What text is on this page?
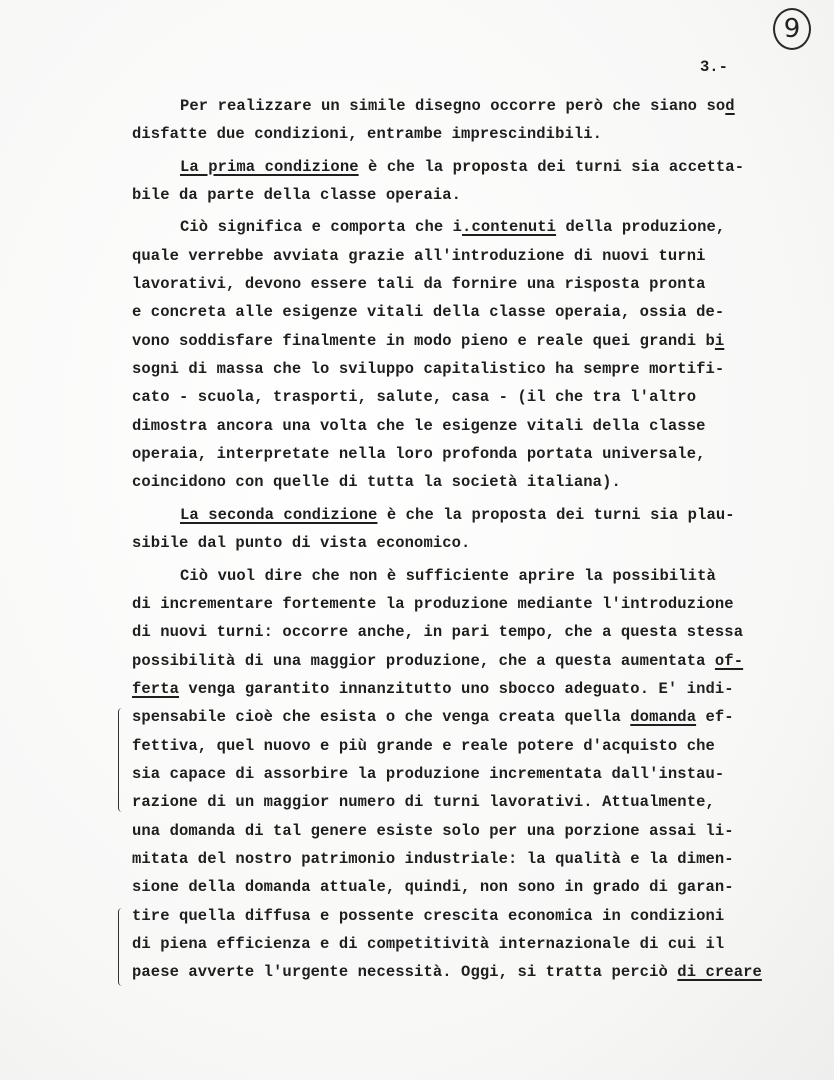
9
3.-
Per realizzare un simile disegno occorre però che siano sod
disfatte due condizioni, entrambe imprescindibili.
La prima condizione è che la proposta dei turni sia accetta-
bile da parte della classe operaia.
Ciò significa e comporta che i.contenuti della produzione,
quale verrebbe avviata grazie all'introduzione di nuovi turni
lavorativi, devono essere tali da fornire una risposta pronta
e concreta alle esigenze vitali della classe operaia, ossia de-
vono soddisfare finalmente in modo pieno e reale quei grandi bi
sogni di massa che lo sviluppo capitalistico ha sempre mortifi-
cato - scuola, trasporti, salute, casa - (il che tra l'altro
dimostra ancora una volta che le esigenze vitali della classe
operaia, interpretate nella loro profonda portata universale,
coincidono con quelle di tutta la società italiana).
La seconda condizione è che la proposta dei turni sia plau-
sibile dal punto di vista economico.
Ciò vuol dire che non è sufficiente aprire la possibilità
di incrementare fortemente la produzione mediante l'introduzione
di nuovi turni: occorre anche, in pari tempo, che a questa stessa
possibilità di una maggior produzione, che a questa aumentata of-
ferta venga garantito innanzitutto uno sbocco adeguato. E' indi-
spensabile cioè che esista o che venga creata quella domanda ef-
fettiva, quel nuovo e più grande e reale potere d'acquisto che
sia capace di assorbire la produzione incrementata dall'instau-
razione di un maggior numero di turni lavorativi. Attualmente,
una domanda di tal genere esiste solo per una porzione assai li-
mitata del nostro patrimonio industriale: la qualità e la dimen-
sione della domanda attuale, quindi, non sono in grado di garan-
tire quella diffusa e possente crescita economica in condizioni
di piena efficienza e di competitività internazionale di cui il
paese avverte l'urgente necessità. Oggi, si tratta perciò di creare
